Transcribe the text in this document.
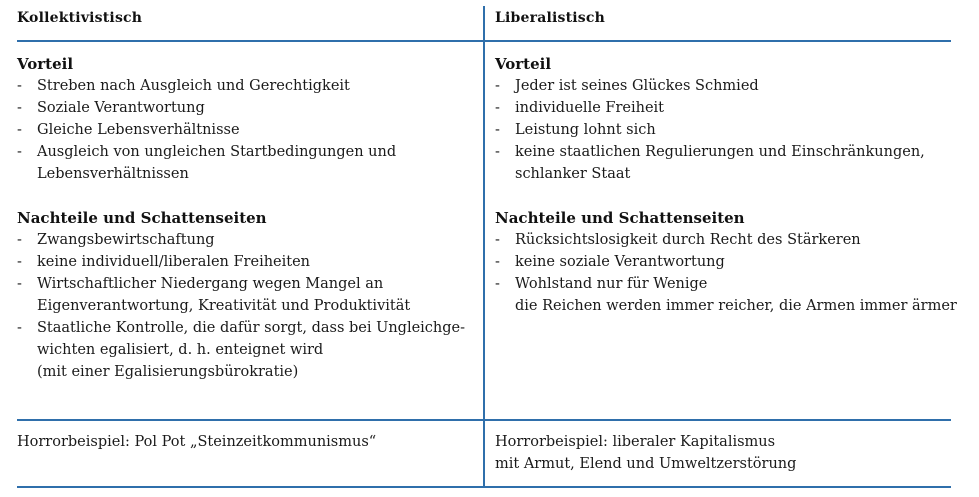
Kollektivistisch	Liberalistisch

Vorteil

- Streben nach Ausgleich und Gerechtigkeit
- Soziale Verantwortung
- Gleiche Lebensverhältnisse
- Ausgleich von ungleichen Startbedingungen und
Lebensverhältnissen

Nachteile und Schattenseiten

- Zwangsbewirtschaftung
- keine individuell/liberalen Freiheiten
- Wirtschaftlicher Niedergang wegen Mangel an
Eigenverantwortung, Kreativität und Produktivität
- Staatliche Kontrolle, die dafür sorgt, dass bei Ungleichge-
wichten egalisiert, d. h. enteignet wird
(mit einer Egalisierungsbürokratie)

Vorteil

- Jeder ist seines Glückes Schmied
- individuelle Freiheit
- Leistung lohnt sich
- keine staatlichen Regulierungen und Einschränkungen,
schlanker Staat

Nachteile und Schattenseiten

- Rücksichtslosigkeit durch Recht des Stärkeren
- keine soziale Verantwortung
- Wohlstand nur für Wenige
die Reichen werden immer reicher, die Armen immer ärmer
Horrorbeispiel: Pol Pot „Steinzeitkommunismus“	Horrorbeispiel: liberaler Kapitalismus
mit Armut, Elend und Umweltzerstörung
